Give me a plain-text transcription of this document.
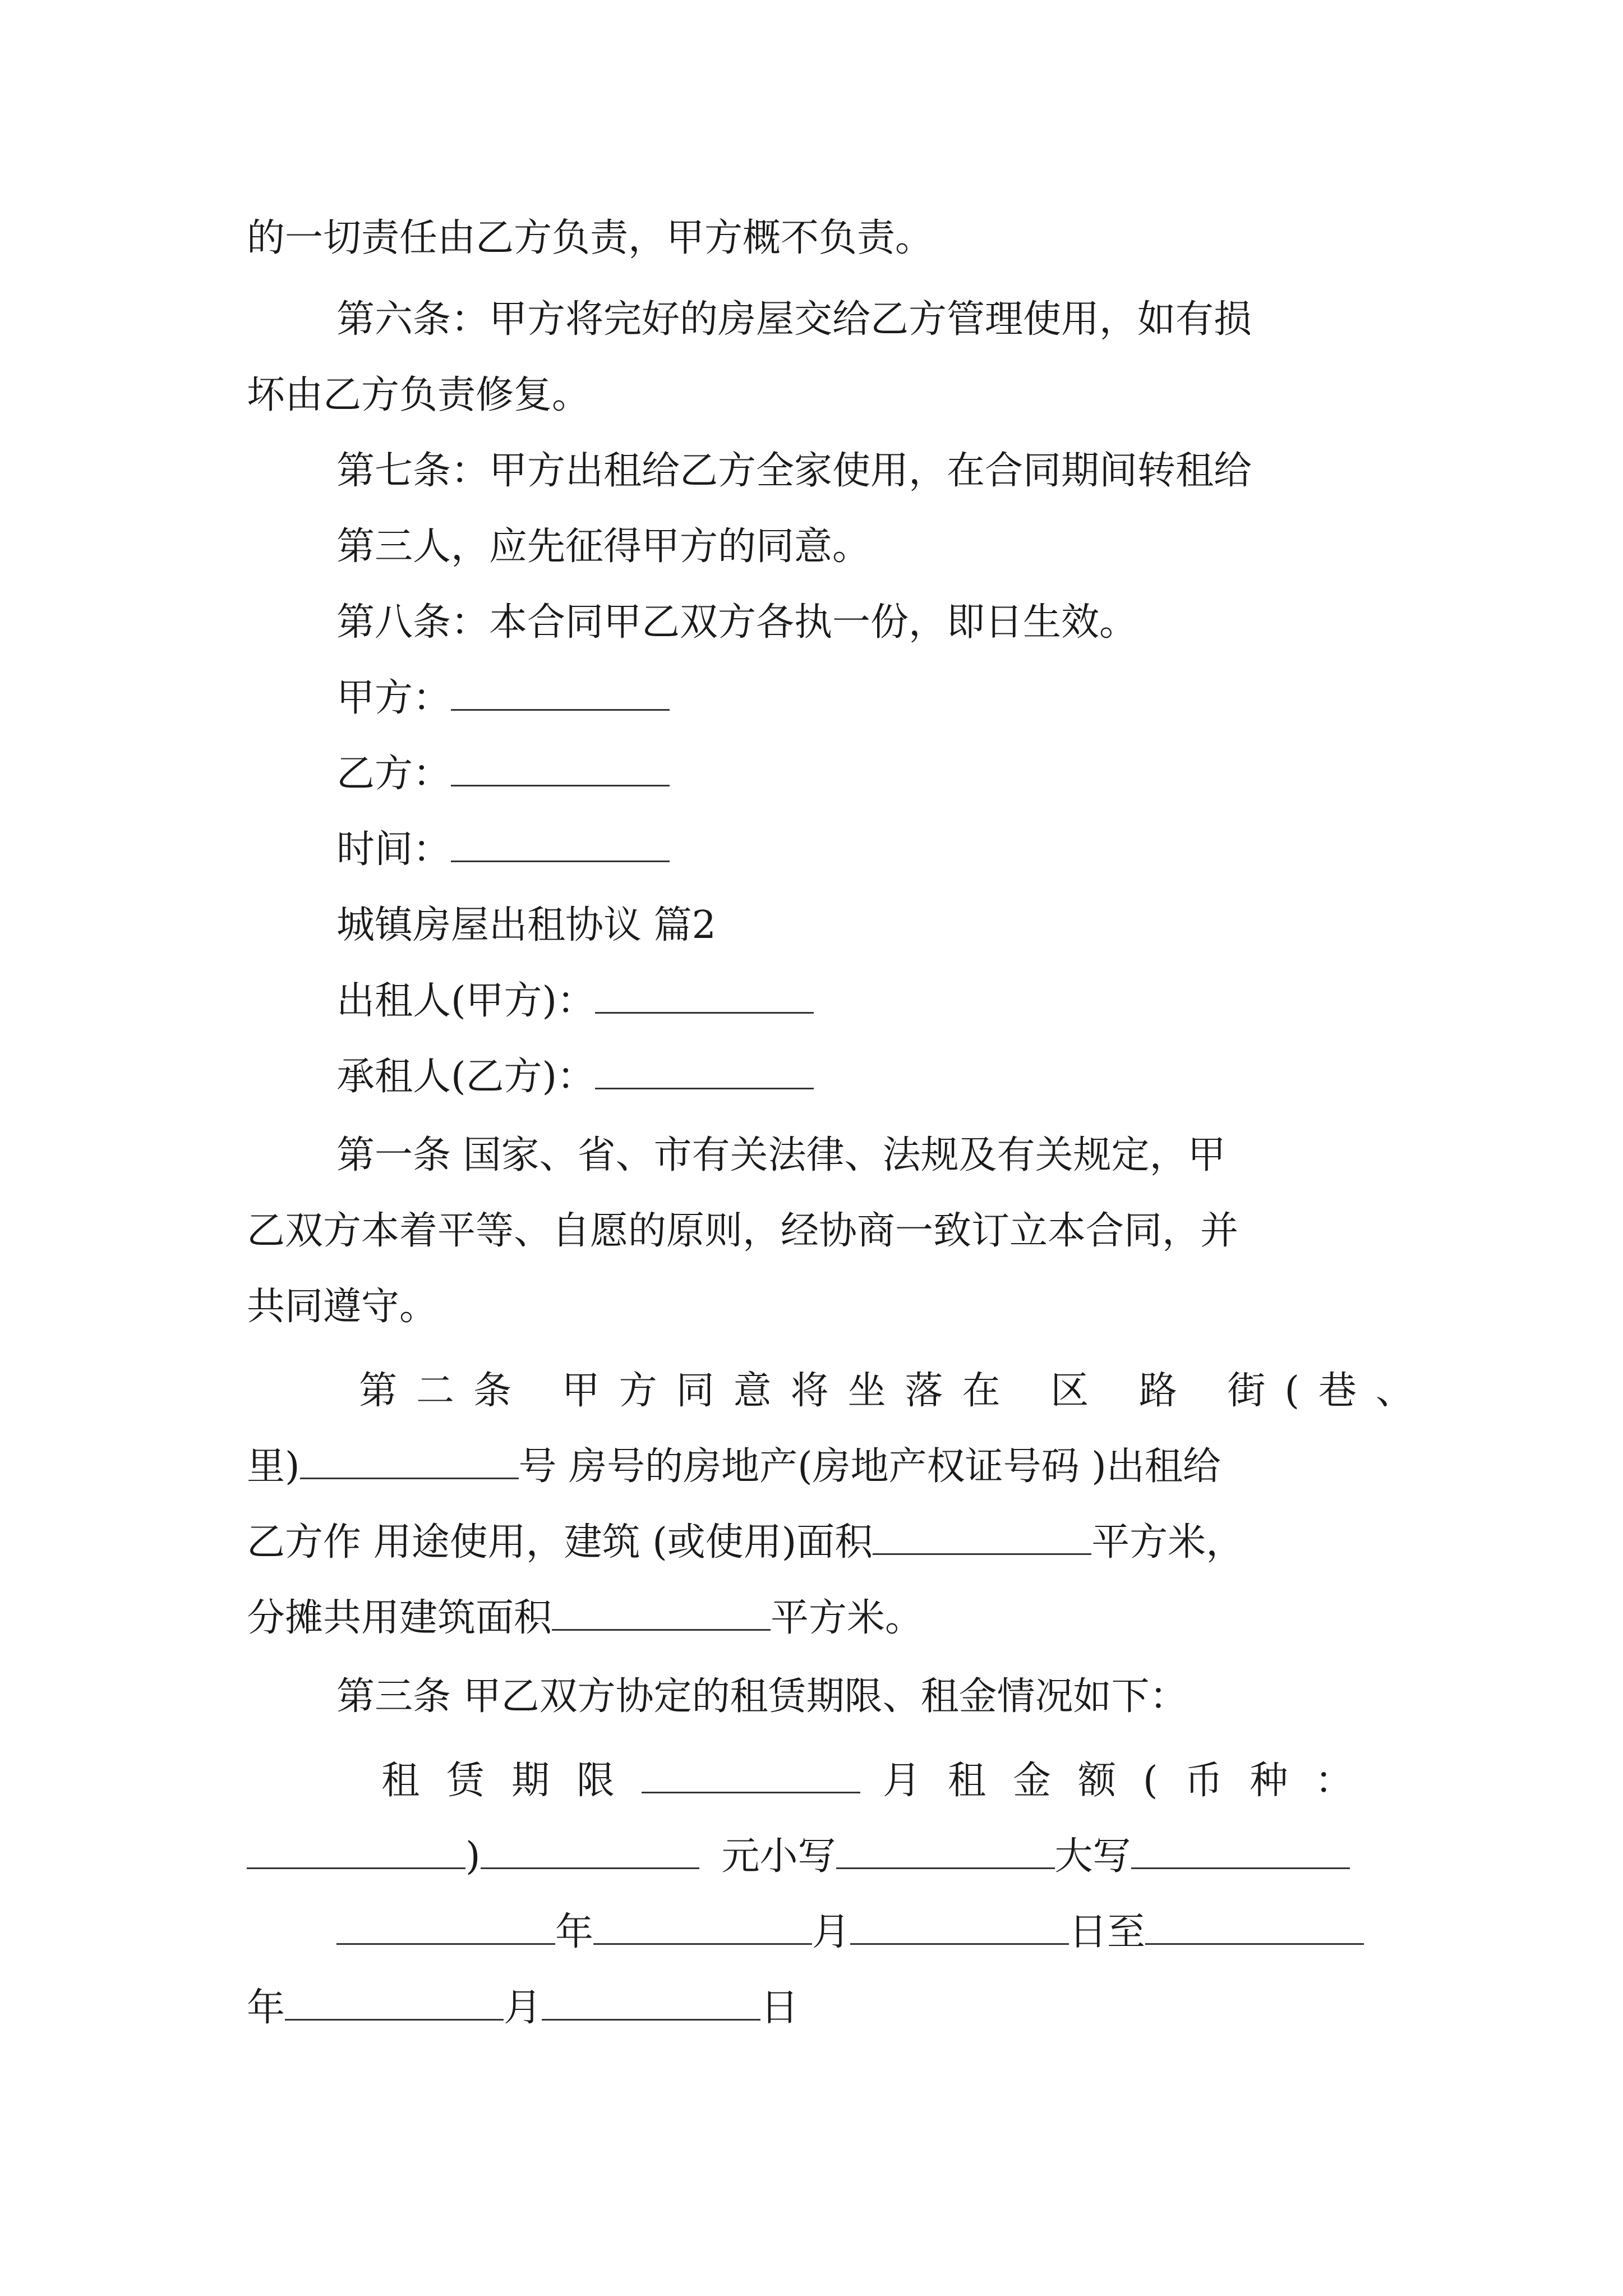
的一切责任由乙方负责，甲方概不负责。
第六条：甲方将完好的房屋交给乙方管理使用，如有损
坏由乙方负责修复。
第七条：甲方出租给乙方全家使用，在合同期间转租给
第三人，应先征得甲方的同意。
第八条：本合同甲乙双方各执一份，即日生效。
甲方：
乙方：
时间：
城镇房屋出租协议 篇2
出租人(甲方)：
承租人(乙方)：
第一条 国家、省、市有关法律、法规及有关规定，甲
乙双方本着平等、自愿的原则，经协商一致订立本合同，并
共同遵守。
第二条 甲方同意将坐落在 区 路 街(巷、
里)	号 房号的房地产(房地产权证号码 )出租给
乙方作 用途使用，建筑 (或使用)面积	平方米，
分摊共用建筑面积	平方米。
第三条 甲乙双方协定的租赁期限、租金情况如下：
租赁期限	月租金额(币种：
)	元小写	大写
年	月	日至
年	月	日
